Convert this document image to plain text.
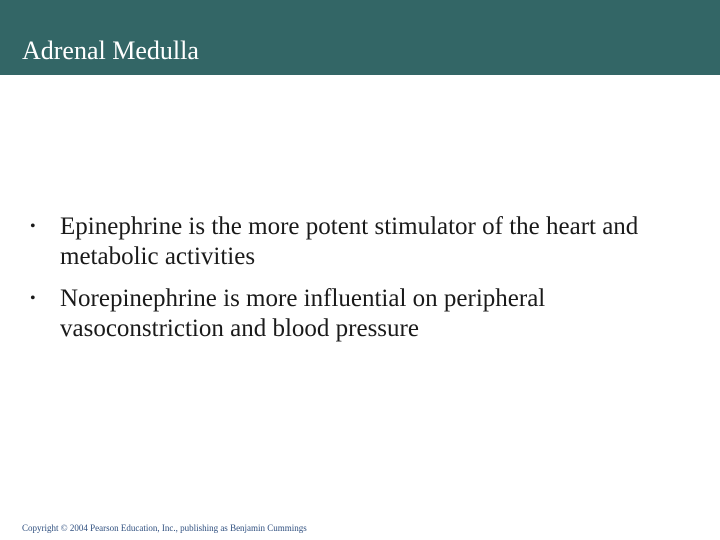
Adrenal Medulla
• Epinephrine is the more potent stimulator of the heart and metabolic activities
• Norepinephrine is more influential on peripheral vasoconstriction and blood pressure
Copyright © 2004 Pearson Education, Inc., publishing as Benjamin Cummings
